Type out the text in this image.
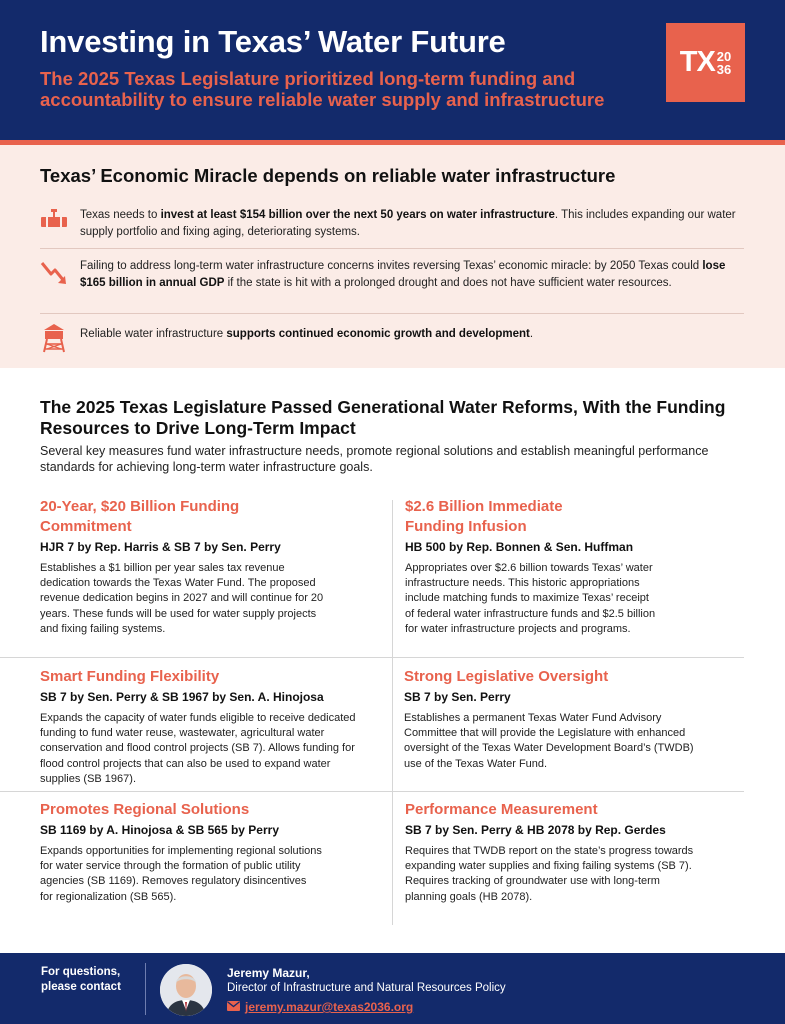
Investing in Texas’ Water Future
The 2025 Texas Legislature prioritized long-term funding and accountability to ensure reliable water supply and infrastructure
TX 20
36
Texas’ Economic Miracle depends on reliable water infrastructure
Texas needs to invest at least $154 billion over the next 50 years on water infrastructure. This includes expanding our water supply portfolio and fixing aging, deteriorating systems.
Failing to address long-term water infrastructure concerns invites reversing Texas’ economic miracle: by 2050 Texas could lose $165 billion in annual GDP if the state is hit with a prolonged drought and does not have sufficient water resources.
Reliable water infrastructure supports continued economic growth and development.
The 2025 Texas Legislature Passed Generational Water Reforms, With the Funding Resources to Drive Long-Term Impact
Several key measures fund water infrastructure needs, promote regional solutions and establish meaningful performance standards for achieving long-term water infrastructure goals.
20-Year, $20 Billion Funding Commitment
HJR 7 by Rep. Harris & SB 7 by Sen. Perry
Establishes a $1 billion per year sales tax revenue dedication towards the Texas Water Fund. The proposed revenue dedication begins in 2027 and will continue for 20 years. These funds will be used for water supply projects and fixing failing systems.
$2.6 Billion Immediate Funding Infusion
HB 500 by Rep. Bonnen & Sen. Huffman
Appropriates over $2.6 billion towards Texas’ water infrastructure needs. This historic appropriations include matching funds to maximize Texas’ receipt of federal water infrastructure funds and $2.5 billion for water infrastructure projects and programs.
Smart Funding Flexibility
SB 7 by Sen. Perry & SB 1967 by Sen. A. Hinojosa
Expands the capacity of water funds eligible to receive dedicated funding to fund water reuse, wastewater, agricultural water conservation and flood control projects (SB 7). Allows funding for flood control projects that can also be used to expand water supplies (SB 1967).
Strong Legislative Oversight
SB 7 by Sen. Perry
Establishes a permanent Texas Water Fund Advisory Committee that will provide the Legislature with enhanced oversight of the Texas Water Development Board’s (TWDB) use of the Texas Water Fund.
Promotes Regional Solutions
SB 1169 by A. Hinojosa & SB 565 by Perry
Expands opportunities for implementing regional solutions for water service through the formation of public utility agencies (SB 1169). Removes regulatory disincentives for regionalization (SB 565).
Performance Measurement
SB 7 by Sen. Perry & HB 2078 by Rep. Gerdes
Requires that TWDB report on the state’s progress towards expanding water supplies and fixing failing systems (SB 7). Requires tracking of groundwater use with long-term planning goals (HB 2078).
For questions, please contact
Jeremy Mazur,
Director of Infrastructure and Natural Resources Policy
jeremy.mazur@texas2036.org
